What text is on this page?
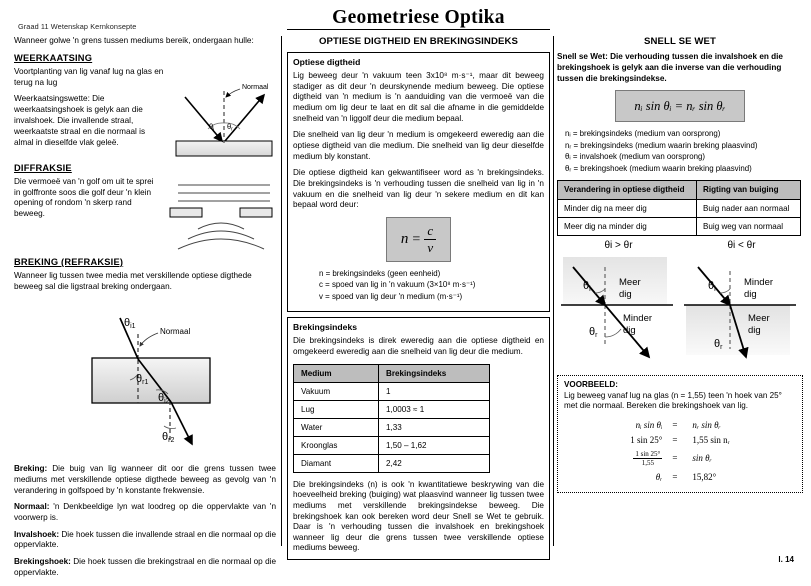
Graad 11 Wetenskap Kernkonsepte	Geometriese Optika

Wanneer golwe 'n grens tussen mediums bereik, ondergaan hulle:

WEERKAATSING

Voortplanting van lig vanaf lug na glas en terug na lug

Weerkaatsingswette: Die weerkaatsingshoek is gelyk aan die invalshoek. Die invallende straal, weerkaatste straal en die normaal is almal in dieselfde vlak geleë.

Normaal
$\theta_i$ $\theta_r$
DIFFRAKSIE

Die vermoeë van 'n golf om uit te sprei in golffronte soos die golf deur 'n klein opening of rondom 'n skerp rand beweeg.

BREKING (REFRAKSIE)

Wanneer lig tussen twee media met verskillende optiese digthede beweeg sal die ligstraal breking ondergaan.

Normaal
θi1
θr1
θi2
θr2

Breking: Die buig van lig wanneer dit oor die grens tussen twee mediums met verskillende optiese digthede beweeg as gevolg van 'n verandering in golfspoed by 'n konstante frekwensie.

Normaal: 'n Denkbeeldige lyn wat loodreg op die oppervlakte van 'n voorwerp is.

Invalshoek: Die hoek tussen die invallende straal en die normaal op die oppervlakte.

Brekingshoek: Die hoek tussen die brekingstraal en die normaal op die oppervlakte.

OPTIESE DIGTHEID EN BREKINGSINDEKS
Optiese digtheid

Lig beweeg deur 'n vakuum teen 3x10⁸ m·s⁻¹, maar dit beweeg stadiger as dit deur 'n deurskynende medium beweeg. Die optiese digtheid van 'n medium is 'n aanduiding van die vermoeë van die medium om lig deur te laat en dit sal die afname in die gemiddelde snelheid van 'n liggolf deur die medium bepaal.

Die snelheid van lig deur 'n medium is omgekeerd eweredig aan die optiese digtheid van die medium. Die snelheid van lig deur dieselfde medium bly konstant.

Die optiese digtheid kan gekwantifiseer word as 'n brekingsindeks. Die brekingsindeks is 'n verhouding tussen die snelheid van lig in 'n vakuum en die snelheid van lig deur 'n sekere medium en dit kan bepaal word deur:

$n = \frac{c}{v}$
n = brekingsindeks (geen eenheid)
c = spoed van lig in 'n vakuum (3×10⁸ m·s⁻¹)
v = spoed van lig deur 'n medium (m·s⁻¹)
Brekingsindeks

Die brekingsindeks is direk eweredig aan die optiese digtheid en omgekeerd eweredig aan die snelheid van lig deur die medium.

Medium	Brekingsindeks
Vakuum	1
Lug	1,0003 ≈ 1
Water	1,33
Kroonglas	1,50 – 1,62
Diamant	2,42

Die brekingsindeks (n) is ook 'n kwantitatiewe beskrywing van die hoeveelheid breking (buiging) wat plaasvind wanneer lig tussen twee mediums met verskillende brekingsindekse beweeg. Die brekingshoek kan ook bereken word deur Snell se Wet te gebruik. Daar is 'n verhouding tussen die invalshoek en brekingshoek wanneer lig deur die grens tussen twee verskillende optiese mediums beweeg.

SNELL SE WET

Snell se Wet: Die verhouding tussen die invalshoek en die brekingshoek is gelyk aan die inverse van die verhouding tussen die brekingsindekse.

nᵢ sin θᵢ = nᵣ sin θᵣ
nᵢ = brekingsindeks (medium van oorsprong)
nᵣ = brekingsindeks (medium waarin breking plaasvind)
θᵢ = invalshoek (medium van oorsprong)
θᵣ = brekingshoek (medium waarin breking plaasvind)
Verandering in optiese digtheid	Rigting van buiging
Minder dig na meer dig	Buig nader aan normaal
Meer dig na minder dig	Buig weg van normaal
θi > θr
θi
θr
Meer
dig
Minder
dig
θi < θr
θi
θr
Minder
dig
Meer
dig
VOORBEELD:
Lig beweeg vanaf lug na glas (n = 1,55) teen 'n hoek van 25° met die normaal. Bereken die brekingshoek van lig.
nᵢ sin θᵢ	=	nᵣ sin θᵣ
1 sin 25°	=	1,55 sin nᵣ

$\frac{1 \sin 25^\circ}{1,55}$	=	sin θᵣ
θᵣ	=	15,82°
l. 14
